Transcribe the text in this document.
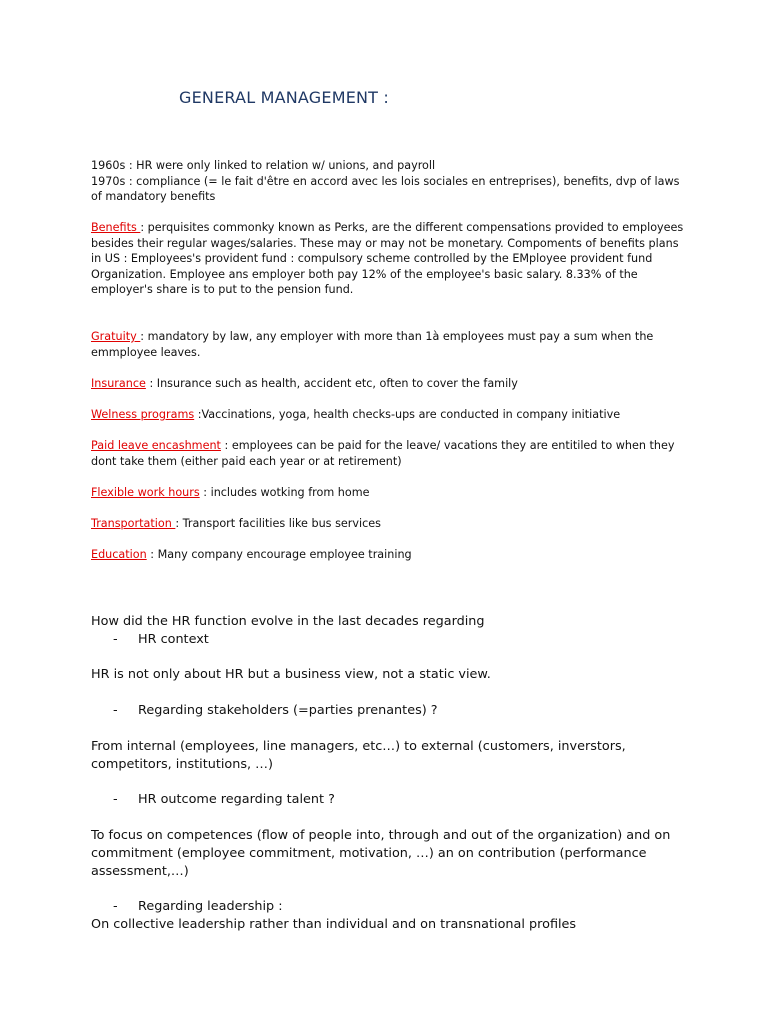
GENERAL MANAGEMENT :
1960s : HR were only linked to relation w/ unions, and payroll
1970s : compliance (= le fait d'être en accord avec les lois sociales en entreprises), benefits, dvp of laws of mandatory benefits
Benefits : perquisites commonky known as Perks, are the different compensations provided to employees besides their regular wages/salaries. These may or may not be monetary. Compoments of benefits plans in US : Employees's provident fund : compulsory scheme controlled by the EMployee provident fund Organization. Employee ans employer both pay 12% of the employee's basic salary. 8.33% of the employer's share is to put to the pension fund.
Gratuity : mandatory by law, any employer with more than 1à employees must pay a sum when the emmployee leaves.
Insurance : Insurance such as health, accident etc, often to cover the family
Welness programs :Vaccinations, yoga, health checks-ups are conducted in company initiative
Paid leave encashment : employees can be paid for the leave/ vacations they are entitiled to when they dont take them (either paid each year or at retirement)
Flexible work hours : includes wotking from home
Transportation : Transport facilities like bus services
Education : Many company encourage employee training
How did the HR function evolve in the last decades regarding
- HR context
HR is not only about HR but a business view, not a static view.
- Regarding stakeholders (=parties prenantes) ?
From internal (employees, line managers, etc…) to external (customers, inverstors, competitors, institutions, …)
- HR outcome regarding talent ?
To focus on competences (flow of people into, through and out of the organization) and on commitment (employee commitment, motivation, …) an on contribution (performance assessment,…)
- Regarding leadership :
On collective leadership rather than individual and on transnational profiles
